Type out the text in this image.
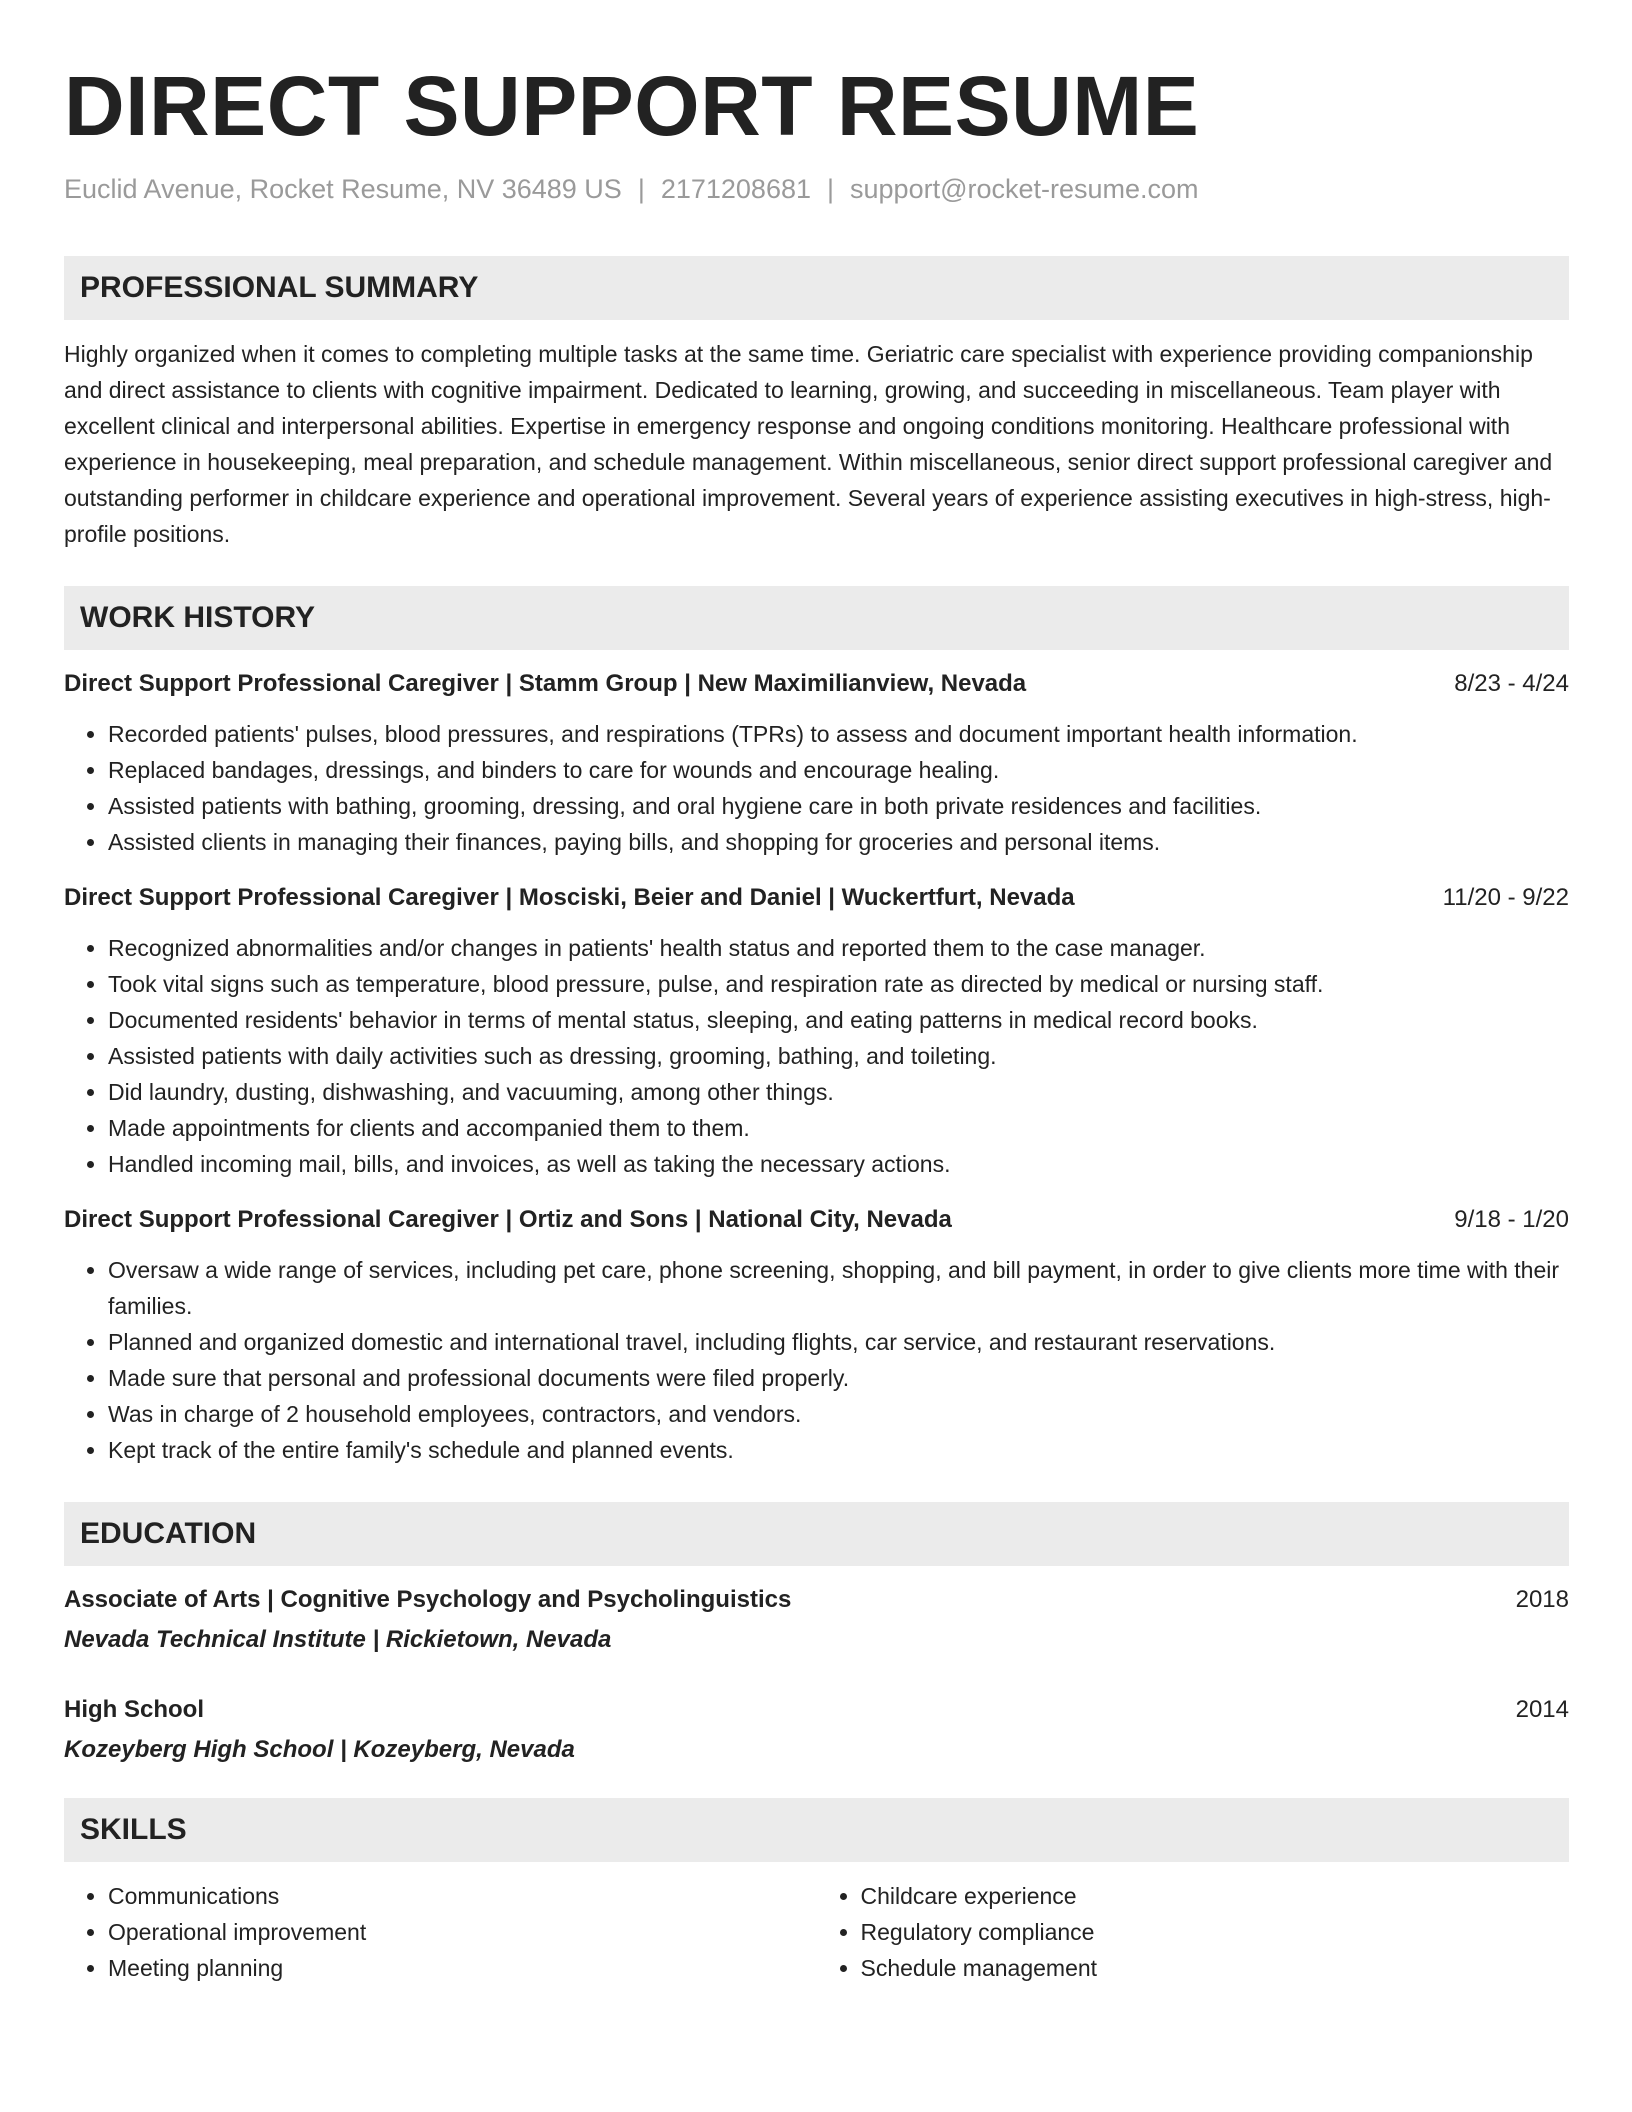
DIRECT SUPPORT RESUME
Euclid Avenue, Rocket Resume, NV 36489 US | 2171208681 | support@rocket-resume.com
PROFESSIONAL SUMMARY

Highly organized when it comes to completing multiple tasks at the same time. Geriatric care specialist with experience providing companionship and direct assistance to clients with cognitive impairment. Dedicated to learning, growing, and succeeding in miscellaneous. Team player with excellent clinical and interpersonal abilities. Expertise in emergency response and ongoing conditions monitoring. Healthcare professional with experience in housekeeping, meal preparation, and schedule management. Within miscellaneous, senior direct support professional caregiver and outstanding performer in childcare experience and operational improvement. Several years of experience assisting executives in high-stress, high-profile positions.

WORK HISTORY
Direct Support Professional Caregiver | Stamm Group | New Maximilianview, Nevada	8/23 - 4/24
• Recorded patients' pulses, blood pressures, and respirations (TPRs) to assess and document important health information.
• Replaced bandages, dressings, and binders to care for wounds and encourage healing.
• Assisted patients with bathing, grooming, dressing, and oral hygiene care in both private residences and facilities.
• Assisted clients in managing their finances, paying bills, and shopping for groceries and personal items.
Direct Support Professional Caregiver | Mosciski, Beier and Daniel | Wuckertfurt, Nevada	11/20 - 9/22
• Recognized abnormalities and/or changes in patients' health status and reported them to the case manager.
• Took vital signs such as temperature, blood pressure, pulse, and respiration rate as directed by medical or nursing staff.
• Documented residents' behavior in terms of mental status, sleeping, and eating patterns in medical record books.
• Assisted patients with daily activities such as dressing, grooming, bathing, and toileting.
• Did laundry, dusting, dishwashing, and vacuuming, among other things.
• Made appointments for clients and accompanied them to them.
• Handled incoming mail, bills, and invoices, as well as taking the necessary actions.
Direct Support Professional Caregiver | Ortiz and Sons | National City, Nevada	9/18 - 1/20
• Oversaw a wide range of services, including pet care, phone screening, shopping, and bill payment, in order to give clients more time with their families.
• Planned and organized domestic and international travel, including flights, car service, and restaurant reservations.
• Made sure that personal and professional documents were filed properly.
• Was in charge of 2 household employees, contractors, and vendors.
• Kept track of the entire family's schedule and planned events.
EDUCATION
Associate of Arts | Cognitive Psychology and Psycholinguistics	2018
Nevada Technical Institute | Rickietown, Nevada
High School	2014
Kozeyberg High School | Kozeyberg, Nevada
SKILLS
• Communications
• Operational improvement
• Meeting planning
• Childcare experience
• Regulatory compliance
• Schedule management
